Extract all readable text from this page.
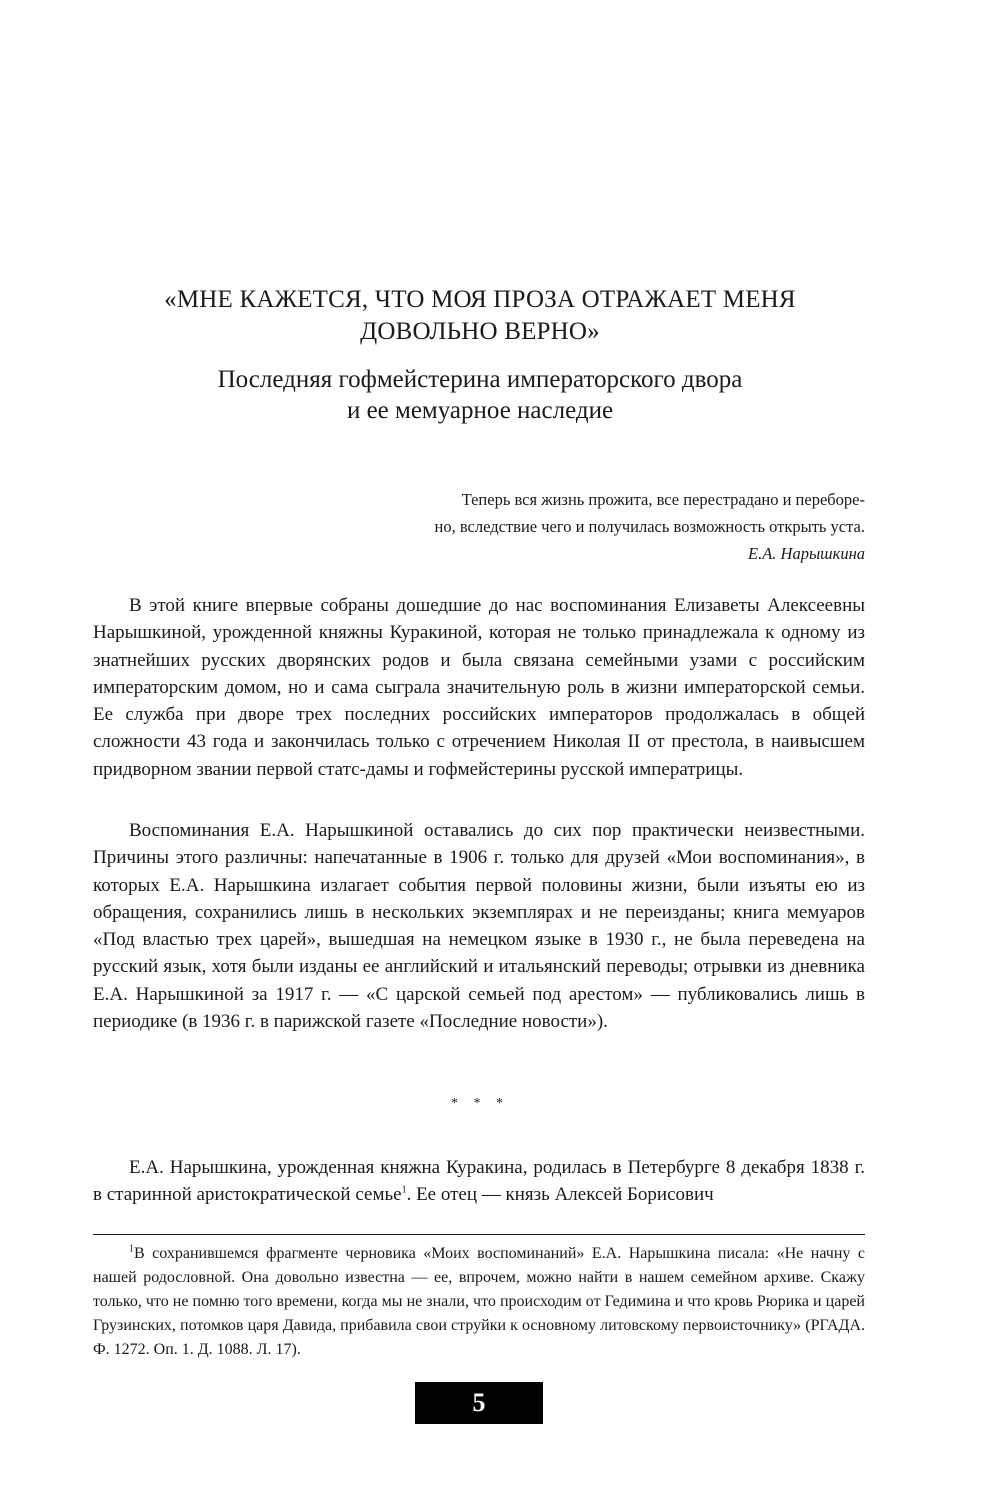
«МНЕ КАЖЕТСЯ, ЧТО МОЯ ПРОЗА ОТРАЖАЕТ МЕНЯ
ДОВОЛЬНО ВЕРНО»
Последняя гофмейстерина императорского двора
и ее мемуарное наследие
Теперь вся жизнь прожита, все перестрадано и переборе-
но, вследствие чего и получилась возможность открыть уста.
Е.А. Нарышкина

В этой книге впервые собраны дошедшие до нас воспоминания Елизаветы Алексеевны Нарышкиной, урожденной княжны Куракиной, которая не только принадлежала к одному из знатнейших русских дворянских родов и была связана семейными узами с российским императорским домом, но и сама сыграла значительную роль в жизни императорской семьи. Ее служба при дворе трех последних российских императоров продолжалась в общей сложности 43 года и закончилась только с отречением Николая II от престола, в наивысшем придворном звании первой статс-дамы и гофмейстерины русской императрицы.

Воспоминания Е.А. Нарышкиной оставались до сих пор практически неизвестными. Причины этого различны: напечатанные в 1906 г. только для друзей «Мои воспоминания», в которых Е.А. Нарышкина излагает события первой половины жизни, были изъяты ею из обращения, сохранились лишь в нескольких экземплярах и не переизданы; книга мемуаров «Под властью трех царей», вышедшая на немецком языке в 1930 г., не была переведена на русский язык, хотя были изданы ее английский и итальянский переводы; отрывки из дневника Е.А. Нарышкиной за 1917 г. — «С царской семьей под арестом» — публиковались лишь в периодике (в 1936 г. в парижской газете «Последние новости»).

* * *

Е.А. Нарышкина, урожденная княжна Куракина, родилась в Петербурге 8 декабря 1838 г. в старинной аристократической семье$^1$. Ее отец — князь Алексей Борисович

$^1$В сохранившемся фрагменте черновика «Моих воспоминаний» Е.А. Нарышкина писала: «Не начну с нашей родословной. Она довольно известна — ее, впрочем, можно найти в нашем семейном архиве. Скажу только, что не помню того времени, когда мы не знали, что происходим от Гедимина и что кровь Рюрика и царей Грузинских, потомков царя Давида, прибавила свои струйки к основному литовскому первоисточнику» (РГАДА. Ф. 1272. Оп. 1. Д. 1088. Л. 17).

5
